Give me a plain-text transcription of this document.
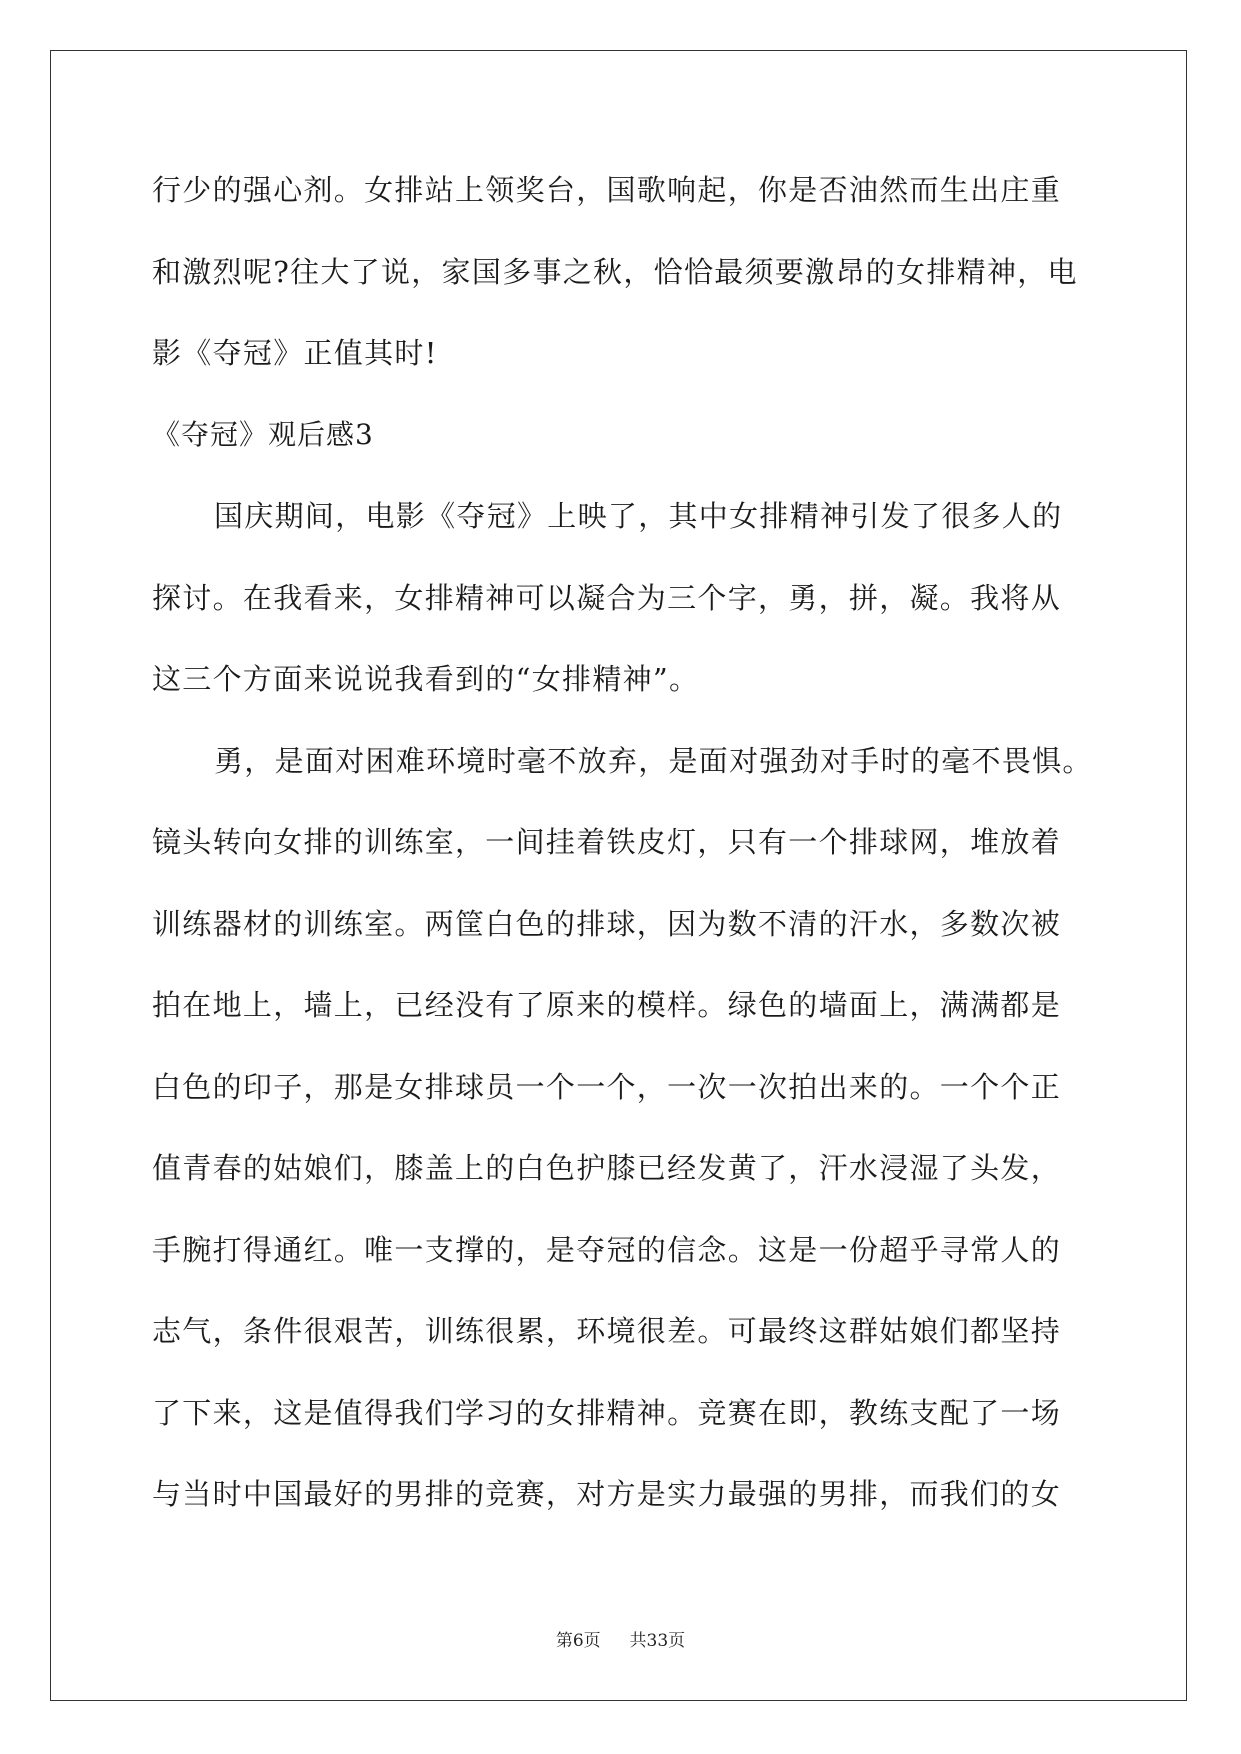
行少的强心剂。女排站上领奖台，国歌响起，你是否油然而生出庄重
和激烈呢?往大了说，家国多事之秋，恰恰最须要激昂的女排精神，电
影《夺冠》正值其时!
《夺冠》观后感3
国庆期间，电影《夺冠》上映了，其中女排精神引发了很多人的
探讨。在我看来，女排精神可以凝合为三个字，勇，拼，凝。我将从
这三个方面来说说我看到的“女排精神”。
勇，是面对困难环境时毫不放弃，是面对强劲对手时的毫不畏惧。
镜头转向女排的训练室，一间挂着铁皮灯，只有一个排球网，堆放着
训练器材的训练室。两筐白色的排球，因为数不清的汗水，多数次被
拍在地上，墙上，已经没有了原来的模样。绿色的墙面上，满满都是
白色的印子，那是女排球员一个一个，一次一次拍出来的。一个个正
值青春的姑娘们，膝盖上的白色护膝已经发黄了，汗水浸湿了头发，
手腕打得通红。唯一支撑的，是夺冠的信念。这是一份超乎寻常人的
志气，条件很艰苦，训练很累，环境很差。可最终这群姑娘们都坚持
了下来，这是值得我们学习的女排精神。竞赛在即，教练支配了一场
与当时中国最好的男排的竞赛，对方是实力最强的男排，而我们的女
第6页 共33页
